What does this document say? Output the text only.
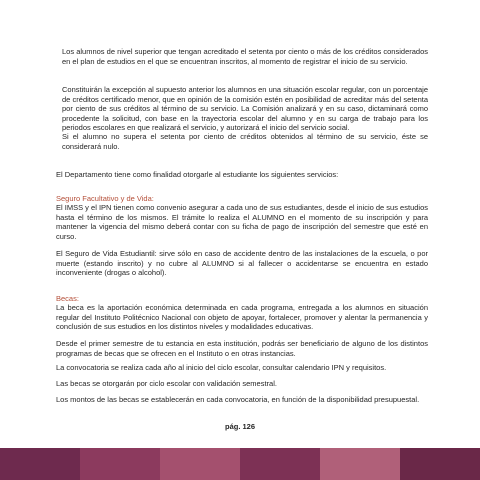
Los alumnos de nivel superior que tengan acreditado el setenta por ciento o más de los créditos considerados en el plan de estudios en el que se encuentran inscritos, al momento de registrar el inicio de su servicio.

Constituirán la excepción al supuesto anterior los alumnos en una situación escolar regular, con un porcentaje de créditos certificado menor, que en opinión de la comisión estén en posibilidad de acreditar más del setenta por ciento de sus créditos al término de su servicio. La Comisión analizará y en su caso, dictaminará como procedente la solicitud, con base en la trayectoria escolar del alumno y en su carga de trabajo para los periodos escolares en que realizará el servicio, y autorizará el inicio del servicio social.

Si el alumno no supera el setenta por ciento de créditos obtenidos al término de su servicio, éste se considerará nulo.

El Departamento tiene como finalidad otorgarle al estudiante los siguientes servicios:

Seguro Facultativo y de Vida:

El IMSS y el IPN tienen como convenio asegurar a cada uno de sus estudiantes, desde el inicio de sus estudios hasta el término de los mismos. El trámite lo realiza el ALUMNO en el momento de su inscripción y para mantener la vigencia del mismo deberá contar con su ficha de pago de inscripción del semestre que esté en curso.

El Seguro de Vida Estudiantil: sirve sólo en caso de accidente dentro de las instalaciones de la escuela, o por muerte (estando inscrito) y no cubre al ALUMNO si al fallecer o accidentarse se encuentra en estado inconveniente (drogas o alcohol).

Becas:

La beca es la aportación económica determinada en cada programa, entregada a los alumnos en situación regular del Instituto Politécnico Nacional con objeto de apoyar, fortalecer, promover y alentar la permanencia y conclusión de sus estudios en los distintos niveles y modalidades educativas.

Desde el primer semestre de tu estancia en esta institución, podrás ser beneficiario de alguno de los distintos programas de becas que se ofrecen en el Instituto o en otras instancias.

La convocatoria se realiza cada año al inicio del ciclo escolar, consultar calendario IPN y requisitos.

Las becas se otorgarán por ciclo escolar con validación semestral.

Los montos de las becas se establecerán en cada convocatoria, en función de la disponibilidad presupuestal.

pág. 126
